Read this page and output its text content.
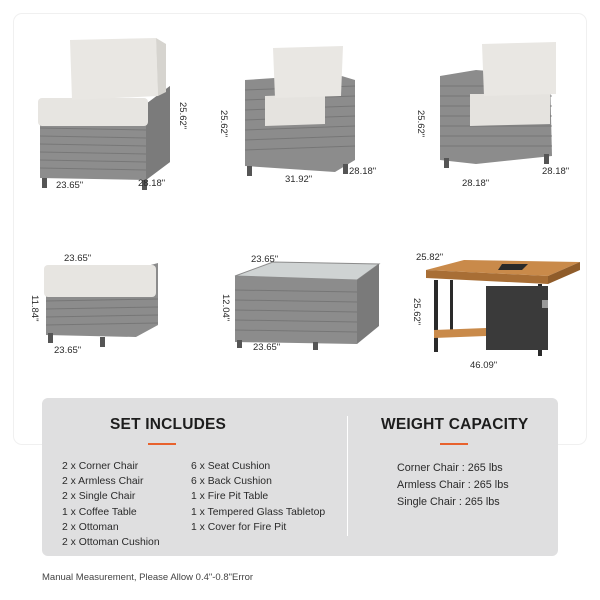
25.62"
23.65"	28.18"
25.62"
31.92"
28.18"
25.62"
28.18"
28.18"
23.65"
11.84"
23.65"
23.65"
12.04"
23.65"
25.82"
25.62"
46.09"
SET INCLUDES
2 x Corner Chair
2 x Armless Chair
2 x Single Chair
1 x Coffee Table
2 x Ottoman
2 x Ottoman Cushion
6 x Seat Cushion
6 x Back Cushion
1 x Fire Pit Table
1 x Tempered Glass Tabletop
1 x Cover for Fire Pit
WEIGHT CAPACITY
Corner Chair : 265 lbs
Armless Chair : 265 lbs
Single Chair : 265 lbs
Manual Measurement, Please Allow 0.4"-0.8"Error
